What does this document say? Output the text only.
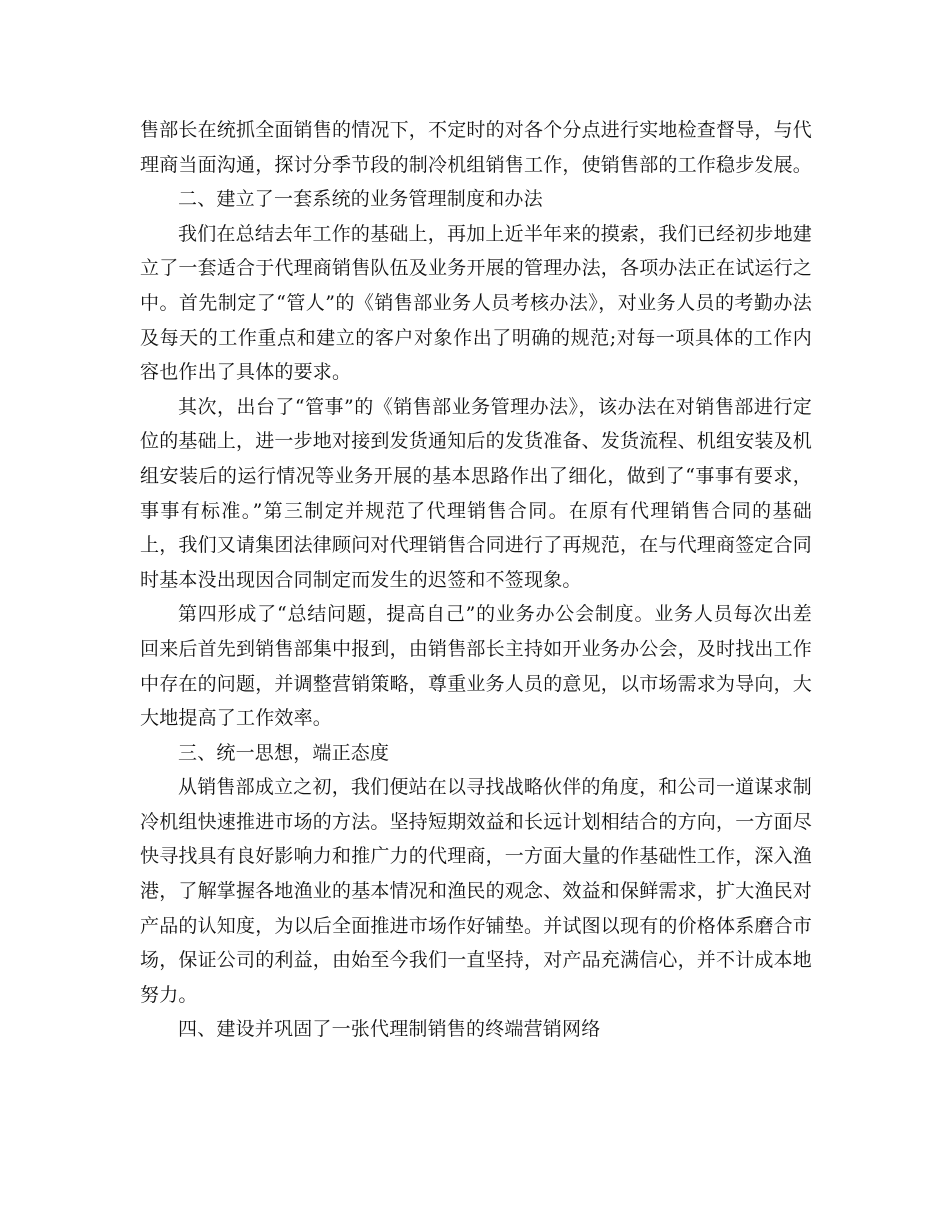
售部长在统抓全面销售的情况下，不定时的对各个分点进行实地检查督导，与代理商当面沟通，探讨分季节段的制冷机组销售工作，使销售部的工作稳步发展。

二、建立了一套系统的业务管理制度和办法

我们在总结去年工作的基础上，再加上近半年来的摸索，我们已经初步地建立了一套适合于代理商销售队伍及业务开展的管理办法，各项办法正在试运行之中。首先制定了“管人”的《销售部业务人员考核办法》，对业务人员的考勤办法及每天的工作重点和建立的客户对象作出了明确的规范;对每一项具体的工作内容也作出了具体的要求。

其次，出台了“管事”的《销售部业务管理办法》，该办法在对销售部进行定位的基础上，进一步地对接到发货通知后的发货准备、发货流程、机组安装及机组安装后的运行情况等业务开展的基本思路作出了细化，做到了“事事有要求，事事有标准。”第三制定并规范了代理销售合同。在原有代理销售合同的基础上，我们又请集团法律顾问对代理销售合同进行了再规范，在与代理商签定合同时基本没出现因合同制定而发生的迟签和不签现象。

第四形成了“总结问题，提高自己”的业务办公会制度。业务人员每次出差回来后首先到销售部集中报到，由销售部长主持如开业务办公会，及时找出工作中存在的问题，并调整营销策略，尊重业务人员的意见，以市场需求为导向，大大地提高了工作效率。

三、统一思想，端正态度

从销售部成立之初，我们便站在以寻找战略伙伴的角度，和公司一道谋求制冷机组快速推进市场的方法。坚持短期效益和长远计划相结合的方向，一方面尽快寻找具有良好影响力和推广力的代理商，一方面大量的作基础性工作，深入渔港，了解掌握各地渔业的基本情况和渔民的观念、效益和保鲜需求，扩大渔民对产品的认知度，为以后全面推进市场作好铺垫。并试图以现有的价格体系磨合市场，保证公司的利益，由始至今我们一直坚持，对产品充满信心，并不计成本地努力。

四、建设并巩固了一张代理制销售的终端营销网络
